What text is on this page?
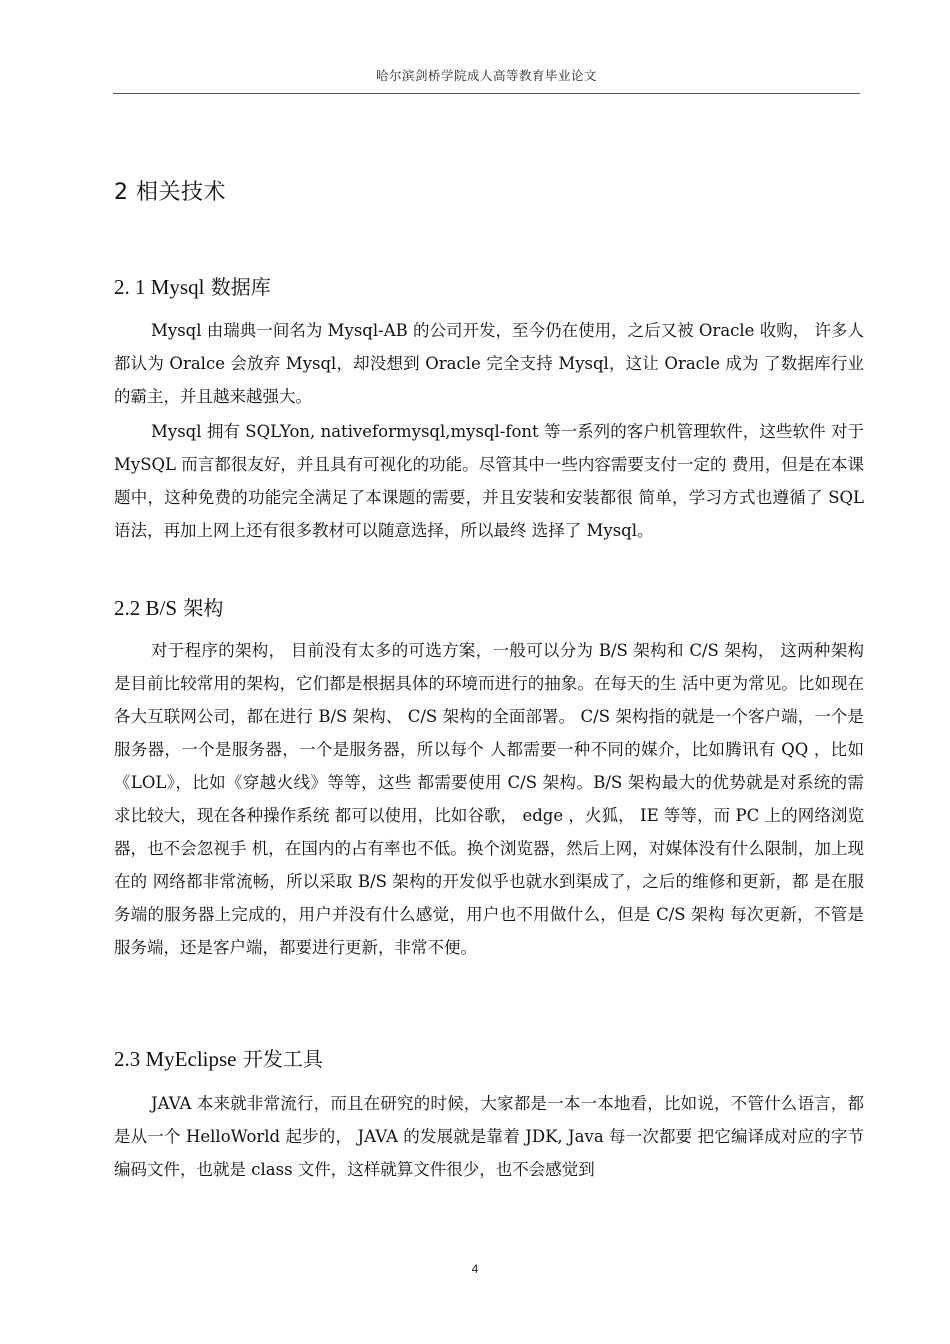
哈尔滨剑桥学院成人高等教育毕业论文
2 相关技术
2. 1 Mysql 数据库

Mysql 由瑞典一间名为 Mysql-AB 的公司开发，至今仍在使用，之后又被 Oracle 收购， 许多人都认为 Oralce 会放弃 Mysql，却没想到 Oracle 完全支持 Mysql，这让 Oracle 成为 了数据库行业的霸主，并且越来越强大。

Mysql 拥有 SQLYon, nativeformysql,mysql-font 等一系列的客户机管理软件，这些软件 对于 MySQL 而言都很友好，并且具有可视化的功能。尽管其中一些内容需要支付一定的 费用，但是在本课题中，这种免费的功能完全满足了本课题的需要，并且安装和安装都很 简单，学习方式也遵循了 SQL 语法，再加上网上还有很多教材可以随意选择，所以最终 选择了 Mysql。

2.2 B/S 架构

对于程序的架构， 目前没有太多的可选方案，一般可以分为 B/S 架构和 C/S 架构， 这两种架构是目前比较常用的架构，它们都是根据具体的环境而进行的抽象。在每天的生 活中更为常见。比如现在各大互联网公司，都在进行 B/S 架构、 C/S 架构的全面部署。 C/S 架构指的就是一个客户端，一个是服务器，一个是服务器，一个是服务器，所以每个 人都需要一种不同的媒介，比如腾讯有 QQ ，比如《LOL》，比如《穿越火线》等等，这些 都需要使用 C/S 架构。B/S 架构最大的优势就是对系统的需求比较大，现在各种操作系统 都可以使用，比如谷歌， edge ，火狐， IE 等等，而 PC 上的网络浏览器，也不会忽视手 机，在国内的占有率也不低。换个浏览器，然后上网，对媒体没有什么限制，加上现在的 网络都非常流畅，所以采取 B/S 架构的开发似乎也就水到渠成了，之后的维修和更新，都 是在服务端的服务器上完成的，用户并没有什么感觉，用户也不用做什么，但是 C/S 架构 每次更新，不管是服务端，还是客户端，都要进行更新，非常不便。

2.3 MyEclipse 开发工具

JAVA 本来就非常流行，而且在研究的时候，大家都是一本一本地看，比如说，不管什么语言，都是从一个 HelloWorld 起步的， JAVA 的发展就是靠着 JDK, Java 每一次都要 把它编译成对应的字节编码文件，也就是 class 文件，这样就算文件很少，也不会感觉到

4
